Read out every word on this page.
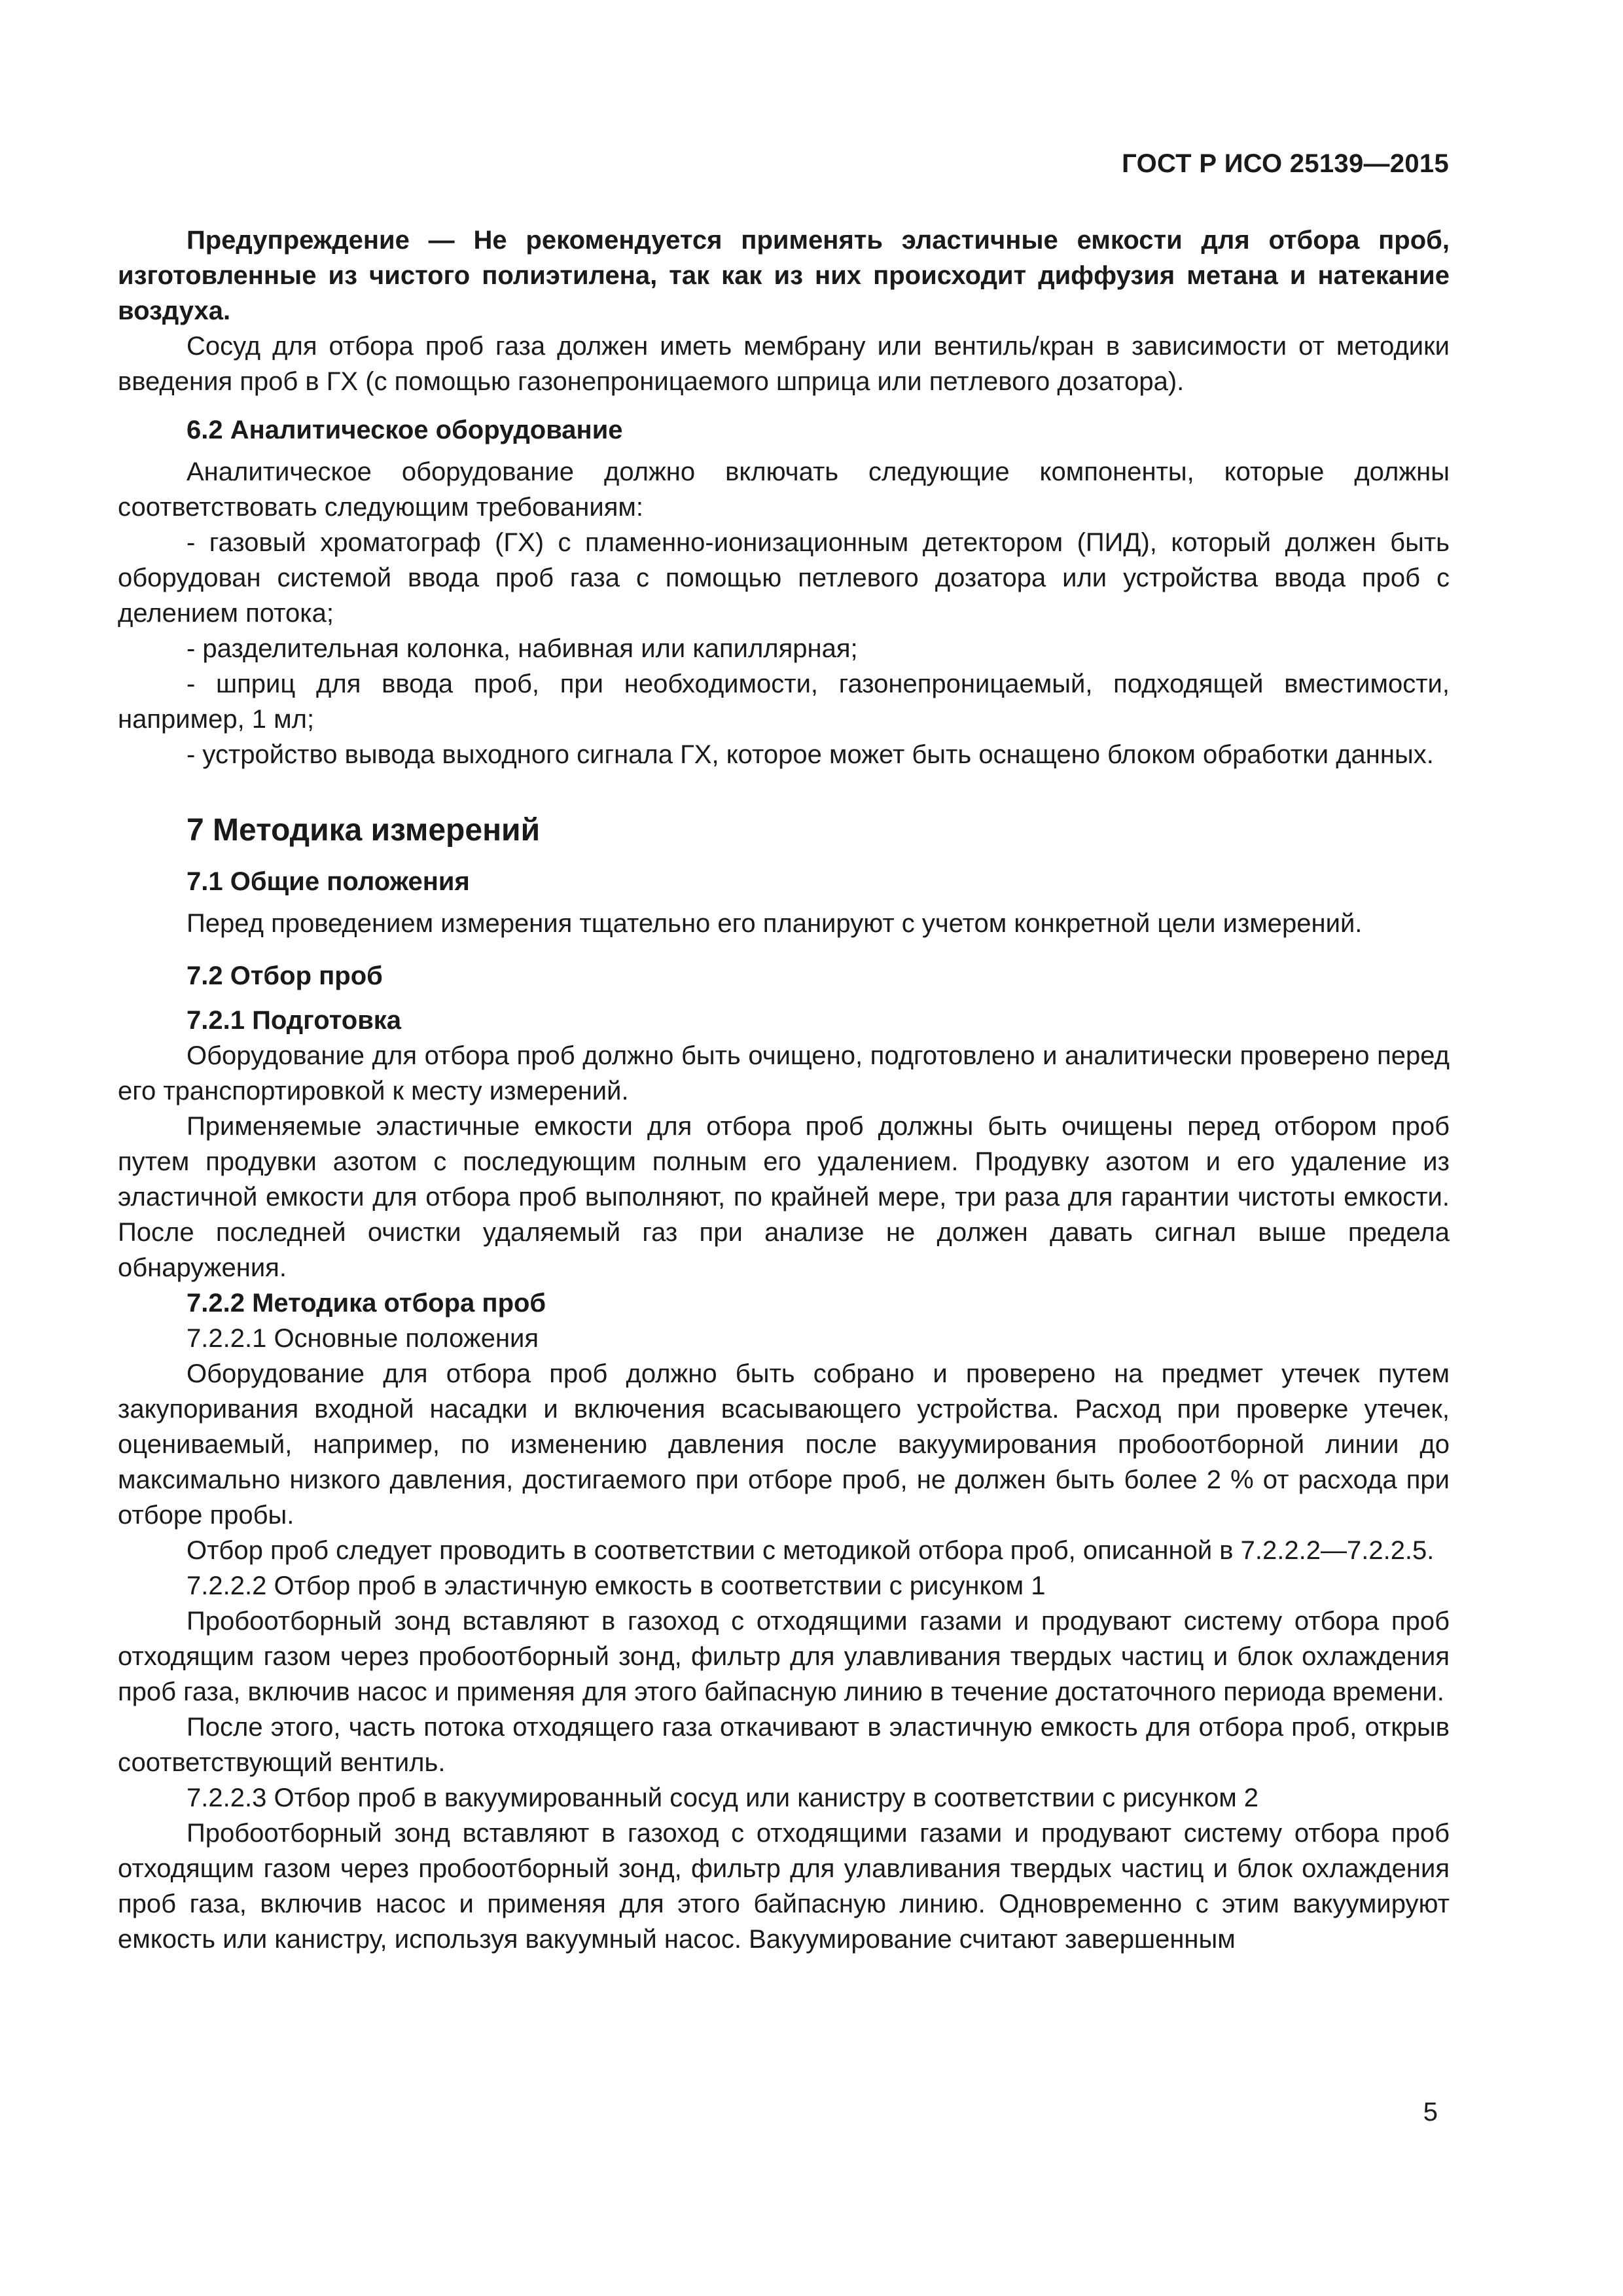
ГОСТ Р ИСО 25139—2015

Предупреждение — Не рекомендуется применять эластичные емкости для отбора проб, изготовленные из чистого полиэтилена, так как из них происходит диффузия метана и натекание воздуха.

Сосуд для отбора проб газа должен иметь мембрану или вентиль/кран в зависимости от методики введения проб в ГХ (с помощью газонепроницаемого шприца или петлевого дозатора).

6.2 Аналитическое оборудование

Аналитическое оборудование должно включать следующие компоненты, которые должны соответствовать следующим требованиям:

- газовый хроматограф (ГХ) с пламенно-ионизационным детектором (ПИД), который должен быть оборудован системой ввода проб газа с помощью петлевого дозатора или устройства ввода проб с делением потока;

- разделительная колонка, набивная или капиллярная;

- шприц для ввода проб, при необходимости, газонепроницаемый, подходящей вместимости, например, 1 мл;

- устройство вывода выходного сигнала ГХ, которое может быть оснащено блоком обработки данных.

7 Методика измерений
7.1 Общие положения

Перед проведением измерения тщательно его планируют с учетом конкретной цели измерений.

7.2 Отбор проб
7.2.1 Подготовка

Оборудование для отбора проб должно быть очищено, подготовлено и аналитически проверено перед его транспортировкой к месту измерений.

Применяемые эластичные емкости для отбора проб должны быть очищены перед отбором проб путем продувки азотом с последующим полным его удалением. Продувку азотом и его удаление из эластичной емкости для отбора проб выполняют, по крайней мере, три раза для гарантии чистоты емкости. После последней очистки удаляемый газ при анализе не должен давать сигнал выше предела обнаружения.

7.2.2 Методика отбора проб
7.2.2.1 Основные положения

Оборудование для отбора проб должно быть собрано и проверено на предмет утечек путем закупоривания входной насадки и включения всасывающего устройства. Расход при проверке утечек, оцениваемый, например, по изменению давления после вакуумирования пробоотборной линии до максимально низкого давления, достигаемого при отборе проб, не должен быть более 2 % от расхода при отборе пробы.

Отбор проб следует проводить в соответствии с методикой отбора проб, описанной в 7.2.2.2—7.2.2.5.

7.2.2.2 Отбор проб в эластичную емкость в соответствии с рисунком 1

Пробоотборный зонд вставляют в газоход с отходящими газами и продувают систему отбора проб отходящим газом через пробоотборный зонд, фильтр для улавливания твердых частиц и блок охлаждения проб газа, включив насос и применяя для этого байпасную линию в течение достаточного периода времени.

После этого, часть потока отходящего газа откачивают в эластичную емкость для отбора проб, открыв соответствующий вентиль.

7.2.2.3 Отбор проб в вакуумированный сосуд или канистру в соответствии с рисунком 2

Пробоотборный зонд вставляют в газоход с отходящими газами и продувают систему отбора проб отходящим газом через пробоотборный зонд, фильтр для улавливания твердых частиц и блок охлаждения проб газа, включив насос и применяя для этого байпасную линию. Одновременно с этим вакуумируют емкость или канистру, используя вакуумный насос. Вакуумирование считают завершенным

5
